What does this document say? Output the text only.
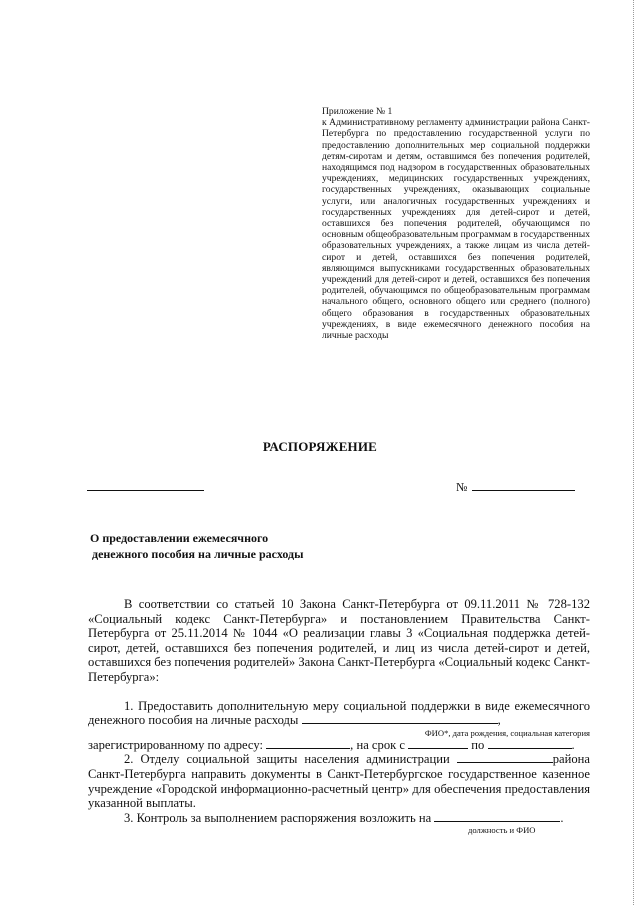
Приложение № 1

к Административному регламенту администрации района Санкт-Петербурга по предоставлению государственной услуги по предоставлению дополнительных мер социальной поддержки детям-сиротам и детям, оставшимся без попечения родителей, находящимся под надзором в государственных образовательных учреждениях, медицинских государственных учреждениях, государственных учреждениях, оказывающих социальные услуги, или аналогичных государственных учреждениях и государственных учреждениях для детей-сирот и детей, оставшихся без попечения родителей, обучающимся по основным общеобразовательным программам в государственных образовательных учреждениях, а также лицам из числа детей-сирот и детей, оставшихся без попечения родителей, являющимся выпускниками государственных образовательных учреждений для детей-сирот и детей, оставшихся без попечения родителей, обучающимся по общеобразовательным программам начального общего, основного общего или среднего (полного) общего образования в государственных образовательных учреждениях, в виде ежемесячного денежного пособия на личные расходы

РАСПОРЯЖЕНИЕ
№
О предоставлении ежемесячного
денежного пособия на личные расходы

В соответствии со статьей 10 Закона Санкт-Петербурга от 09.11.2011 № 728-132 «Социальный кодекс Санкт-Петербурга» и постановлением Правительства Санкт-Петербурга от 25.11.2014 № 1044 «О реализации главы 3 «Социальная поддержка детей-сирот, детей, оставшихся без попечения родителей, и лиц из числа детей-сирот и детей, оставшихся без попечения родителей» Закона Санкт-Петербурга «Социальный кодекс Санкт-Петербурга»:

1. Предоставить дополнительную меру социальной поддержки в виде ежемесячного денежного пособия на личные расходы	,

ФИО*, дата рождения, социальная категория

зарегистрированному по адресу:	, на срок с	по	.

2. Отделу социальной защиты населения администрации	района Санкт-Петербурга направить документы в Санкт-Петербургское государственное казенное учреждение «Городской информационно-расчетный центр» для обеспечения предоставления указанной выплаты.

3. Контроль за выполнением распоряжения возложить на	.

должность и ФИО
